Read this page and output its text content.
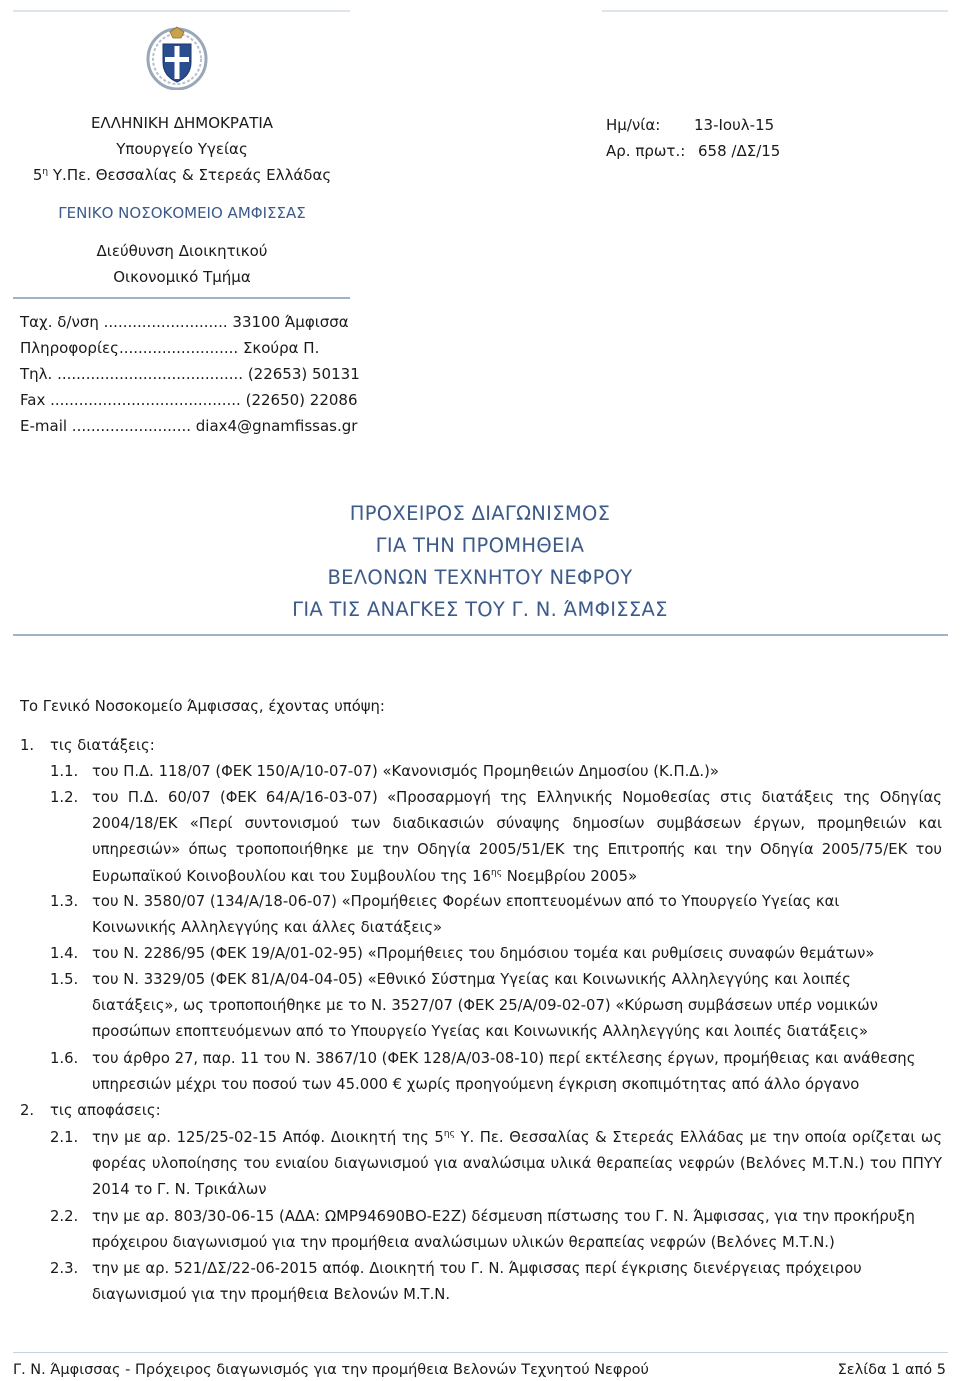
ΕΛΛΗΝΙΚΗ ΔΗΜΟΚΡΑΤΙΑ
Υπουργείο Υγείας
$5^\eta$ Υ.Πε. Θεσσαλίας & Στερεάς Ελλάδας
ΓΕΝΙΚΟ ΝΟΣΟΚΟΜΕΙΟ ΑΜΦΙΣΣΑΣ
Διεύθυνση Διοικητικού
Οικονομικό Τμήμα
Ημ/νία: 13-Ιουλ-15
Αρ. πρωτ.: 658 /ΔΣ/15
Ταχ. δ/νση .......................... 33100 Άμφισσα
Πληροφορίες......................... Σκούρα Π.
Τηλ. ....................................... (22653) 50131
Fax ........................................ (22650) 22086
E-mail ......................... diax4@gnamfissas.gr
ΠΡΟΧΕΙΡΟΣ ΔΙΑΓΩΝΙΣΜΟΣ
ΓΙΑ ΤΗΝ ΠΡΟΜΗΘΕΙΑ
ΒΕΛΟΝΩΝ ΤΕΧΝΗΤΟΥ ΝΕΦΡΟΥ
ΓΙΑ ΤΙΣ ΑΝΑΓΚΕΣ ΤΟΥ Γ. Ν. ΆΜΦΙΣΣΑΣ
Το Γενικό Νοσοκομείο Άμφισσας, έχοντας υπόψη:
1. τις διατάξεις:
1.1. του Π.Δ. 118/07 (ΦΕΚ 150/Α/10-07-07) «Κανονισμός Προμηθειών Δημοσίου (Κ.Π.Δ.)»
1.2. του Π.Δ. 60/07 (ΦΕΚ 64/Α/16-03-07) «Προσαρμογή της Ελληνικής Νομοθεσίας στις διατάξεις της Οδηγίας 2004/18/ΕΚ «Περί συντονισμού των διαδικασιών σύναψης δημοσίων συμβάσεων έργων, προμηθειών και υπηρεσιών» όπως τροποποιήθηκε με την Οδηγία 2005/51/ΕΚ της Επιτροπής και την Οδηγία 2005/75/ΕΚ του Ευρωπαϊκού Κοινοβουλίου και του Συμβουλίου της $16^{\eta\varsigma}$ Νοεμβρίου 2005»
1.3. του Ν. 3580/07 (134/Α/18-06-07) «Προμήθειες Φορέων εποπτευομένων από το Υπουργείο Υγείας και Κοινωνικής Αλληλεγγύης και άλλες διατάξεις»
1.4. του Ν. 2286/95 (ΦΕΚ 19/Α/01-02-95) «Προμήθειες του δημόσιου τομέα και ρυθμίσεις συναφών θεμάτων»
1.5. του Ν. 3329/05 (ΦΕΚ 81/Α/04-04-05) «Εθνικό Σύστημα Υγείας και Κοινωνικής Αλληλεγγύης και λοιπές διατάξεις», ως τροποποιήθηκε με το Ν. 3527/07 (ΦΕΚ 25/Α/09-02-07) «Κύρωση συμβάσεων υπέρ νομικών προσώπων εποπτευόμενων από το Υπουργείο Υγείας και Κοινωνικής Αλληλεγγύης και λοιπές διατάξεις»
1.6. του άρθρο 27, παρ. 11 του Ν. 3867/10 (ΦΕΚ 128/Α/03-08-10) περί εκτέλεσης έργων, προμήθειας και ανάθεσης υπηρεσιών μέχρι του ποσού των 45.000 € χωρίς προηγούμενη έγκριση σκοπιμότητας από άλλο όργανο
2. τις αποφάσεις:
2.1. την με αρ. 125/25-02-15 Απόφ. Διοικητή της $5^{\eta\varsigma}$ Υ. Πε. Θεσσαλίας & Στερεάς Ελλάδας με την οποία ορίζεται ως φορέας υλοποίησης του ενιαίου διαγωνισμού για αναλώσιμα υλικά θεραπείας νεφρών (Βελόνες Μ.Τ.Ν.) του ΠΠΥΥ 2014 το Γ. Ν. Τρικάλων
2.2. την με αρ. 803/30-06-15 (ΑΔΑ: ΩΜΡ94690ΒΟ-Ε2Ζ) δέσμευση πίστωσης του Γ. Ν. Άμφισσας, για την προκήρυξη πρόχειρου διαγωνισμού για την προμήθεια αναλώσιμων υλικών θεραπείας νεφρών (Βελόνες Μ.Τ.Ν.)
2.3. την με αρ. 521/ΔΣ/22-06-2015 απόφ. Διοικητή του Γ. Ν. Άμφισσας περί έγκρισης διενέργειας πρόχειρου διαγωνισμού για την προμήθεια Βελονών Μ.Τ.Ν.
Γ. Ν. Άμφισσας - Πρόχειρος διαγωνισμός για την προμήθεια Βελονών Τεχνητού Νεφρού	Σελίδα 1 από 5
